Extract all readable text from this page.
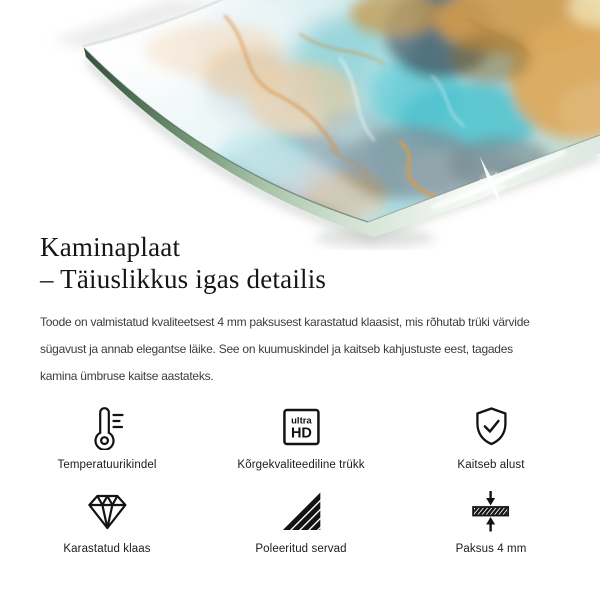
Kaminaplaat
– Täiuslikkus igas detailis
Toode on valmistatud kvaliteetsest 4 mm paksusest karastatud klaasist, mis rõhutab trüki värvide
sügavust ja annab elegantse läike. See on kuumuskindel ja kaitseb kahjustuste eest, tagades
kamina ümbruse kaitse aastateks.
Temperatuurikindel
ultra
HD
Kõrgekvaliteediline trükk	Kaitseb alust
Karastatud klaas	Poleeritud servad	Paksus 4 mm
